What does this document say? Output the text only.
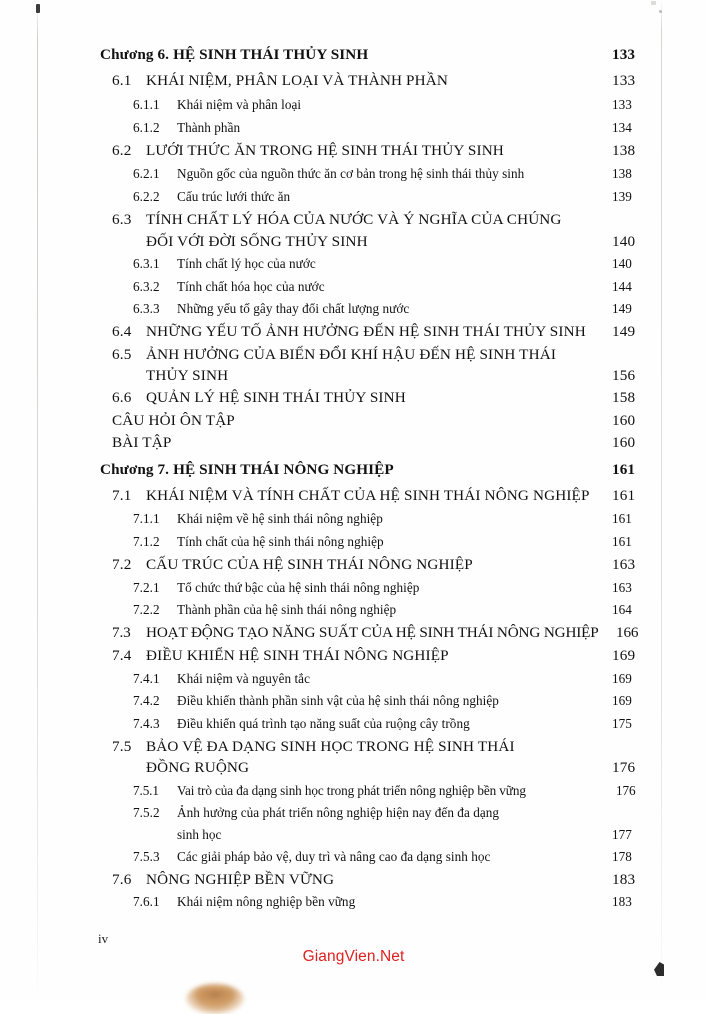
Chương 6. HỆ SINH THÁI THỦY SINH	133
6.1 KHÁI NIỆM, PHÂN LOẠI VÀ THÀNH PHẦN	133
6.1.1	Khái niệm và phân loại	133
6.1.2	Thành phần	134
6.2 LƯỚI THỨC ĂN TRONG HỆ SINH THÁI THỦY SINH	138
6.2.1	Nguồn gốc của nguồn thức ăn cơ bản trong hệ sinh thái thủy sinh	138
6.2.2	Cấu trúc lưới thức ăn	139
6.3 TÍNH CHẤT LÝ HÓA CỦA NƯỚC VÀ Ý NGHĨA CỦA CHÚNG
ĐỐI VỚI ĐỜI SỐNG THỦY SINH	140
6.3.1	Tính chất lý học của nước	140
6.3.2	Tính chất hóa học của nước	144
6.3.3	Những yếu tố gây thay đổi chất lượng nước	149
6.4 NHỮNG YẾU TỐ ẢNH HƯỞNG ĐẾN HỆ SINH THÁI THỦY SINH	149
6.5 ẢNH HƯỞNG CỦA BIẾN ĐỔI KHÍ HẬU ĐẾN HỆ SINH THÁI
THỦY SINH	156
6.6 QUẢN LÝ HỆ SINH THÁI THỦY SINH	158
CÂU HỎI ÔN TẬP	160
BÀI TẬP	160
Chương 7. HỆ SINH THÁI NÔNG NGHIỆP	161
7.1 KHÁI NIỆM VÀ TÍNH CHẤT CỦA HỆ SINH THÁI NÔNG NGHIỆP	161
7.1.1	Khái niệm về hệ sinh thái nông nghiệp	161
7.1.2	Tính chất của hệ sinh thái nông nghiệp	161
7.2 CẤU TRÚC CỦA HỆ SINH THÁI NÔNG NGHIỆP	163
7.2.1	Tổ chức thứ bậc của hệ sinh thái nông nghiệp	163
7.2.2	Thành phần của hệ sinh thái nông nghiệp	164
7.3	HOẠT ĐỘNG TẠO NĂNG SUẤT CỦA HỆ SINH THÁI NÔNG NGHIỆP	166
7.4 ĐIỀU KHIỂN HỆ SINH THÁI NÔNG NGHIỆP	169
7.4.1	Khái niệm và nguyên tắc	169
7.4.2	Điều khiển thành phần sinh vật của hệ sinh thái nông nghiệp	169
7.4.3	Điều khiển quá trình tạo năng suất của ruộng cây trồng	175
7.5 BẢO VỆ ĐA DẠNG SINH HỌC TRONG HỆ SINH THÁI
ĐỒNG RUỘNG	176
7.5.1	Vai trò của đa dạng sinh học trong phát triển nông nghiệp bền vững	176
7.5.2	Ảnh hưởng của phát triển nông nghiệp hiện nay đến đa dạng
sinh học	177
7.5.3	Các giải pháp bảo vệ, duy trì và nâng cao đa dạng sinh học	178
7.6 NÔNG NGHIỆP BỀN VỮNG	183
7.6.1	Khái niệm nông nghiệp bền vững	183
iv
GiangVien.Net
